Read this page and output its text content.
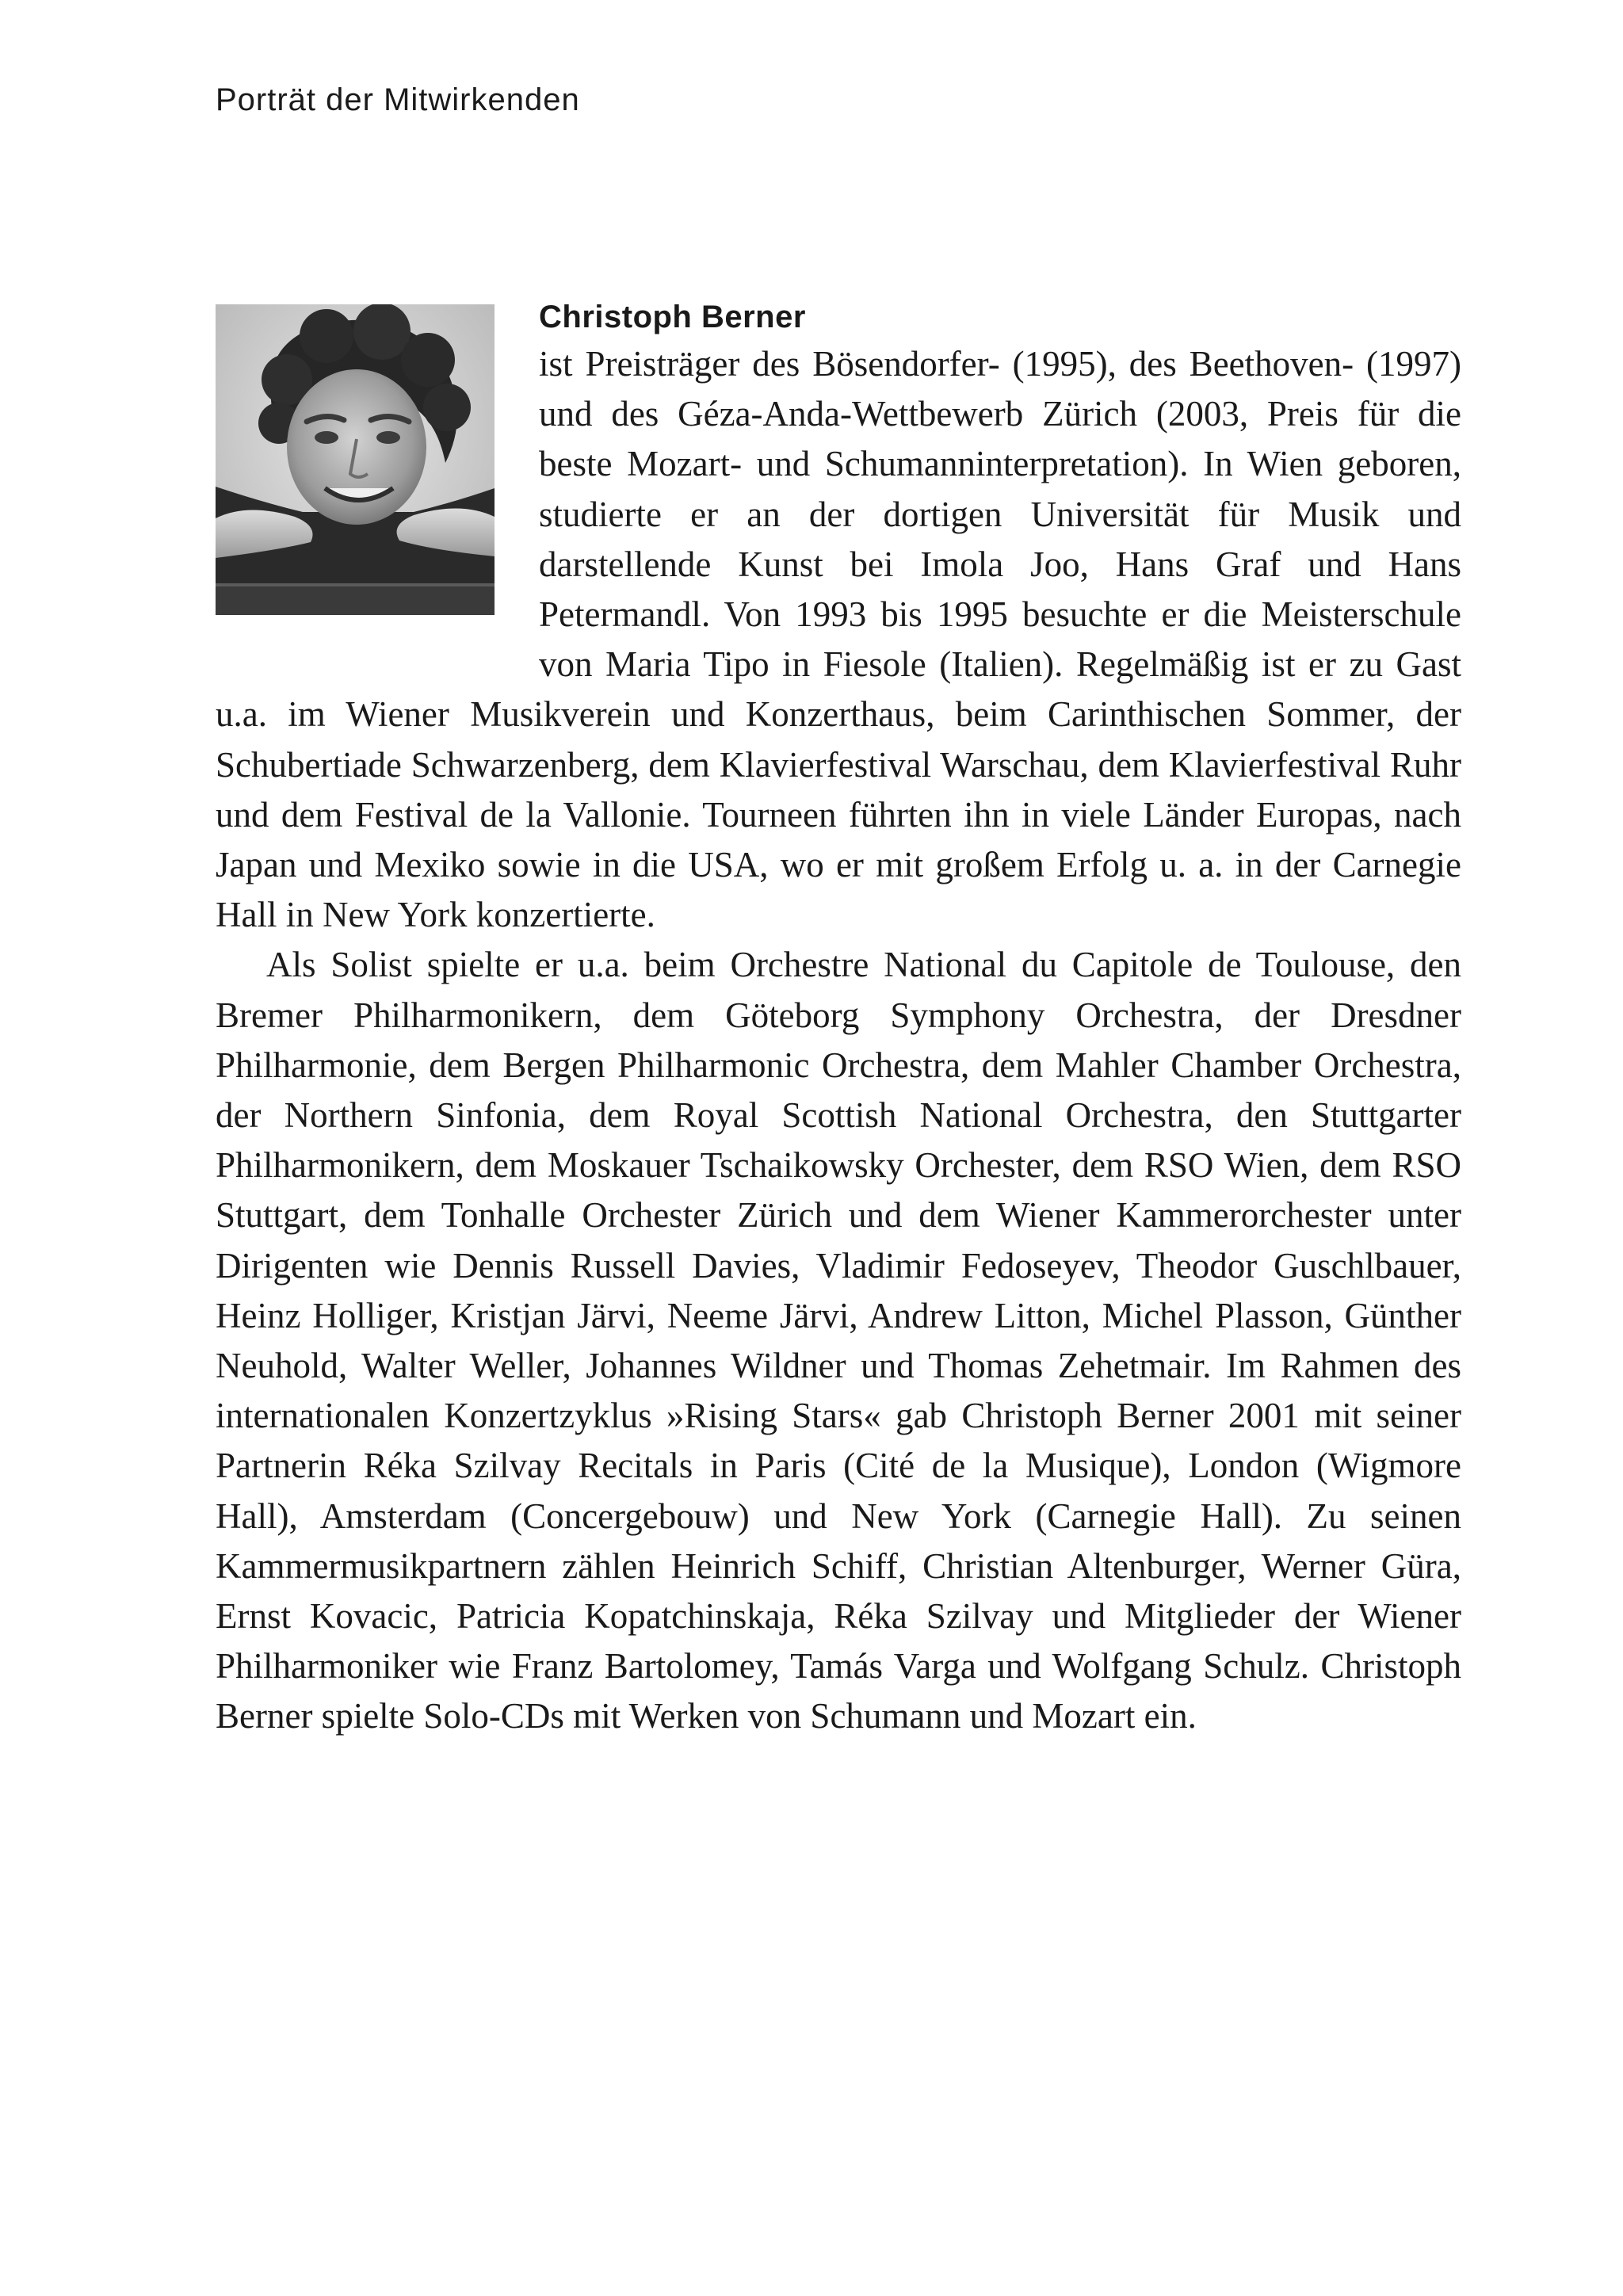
Porträt der Mitwirkenden

Christoph Berner

ist Preisträger des Bösendorfer- (1995), des Beethoven- (1997) und des Géza-Anda-Wettbewerb Zürich (2003, Preis für die beste Mozart- und Schumanninterpretation). In Wien geboren, studierte er an der dortigen Universität für Musik und darstellende Kunst bei Imola Joo, Hans Graf und Hans Petermandl. Von 1993 bis 1995 besuchte er die Meisterschule von Maria Tipo in Fiesole (Italien). Regelmäßig ist er zu Gast u.a. im Wiener Musikverein und Konzerthaus, beim Carinthischen Sommer, der Schubertiade Schwarzenberg, dem Klavierfestival Warschau, dem Klavierfestival Ruhr und dem Festival de la Vallonie. Tourneen führten ihn in viele Länder Europas, nach Japan und Mexiko sowie in die USA, wo er mit großem Erfolg u. a. in der Carnegie Hall in New York konzertierte.

Als Solist spielte er u.a. beim Orchestre National du Capitole de Toulouse, den Bremer Philharmonikern, dem Göteborg Symphony Orchestra, der Dresdner Philharmonie, dem Bergen Philharmonic Orchestra, dem Mahler Chamber Orchestra, der Northern Sinfonia, dem Royal Scottish National Orchestra, den Stuttgarter Philharmonikern, dem Moskauer Tschaikowsky Orchester, dem RSO Wien, dem RSO Stuttgart, dem Tonhalle Orchester Zürich und dem Wiener Kammerorchester unter Dirigenten wie Dennis Russell Davies, Vladimir Fedoseyev, Theodor Guschlbauer, Heinz Holliger, Kristjan Järvi, Neeme Järvi, Andrew Litton, Michel Plasson, Günther Neuhold, Walter Weller, Johannes Wildner und Thomas Zehetmair. Im Rahmen des internationalen Konzertzyklus »Rising Stars« gab Christoph Berner 2001 mit seiner Partnerin Réka Szilvay Recitals in Paris (Cité de la Musique), London (Wigmore Hall), Amsterdam (Concergebouw) und New York (Carnegie Hall). Zu seinen Kammermusikpartnern zählen Heinrich Schiff, Christian Altenburger, Werner Güra, Ernst Kovacic, Patricia Kopatchinskaja, Réka Szilvay und Mitglieder der Wiener Philharmoniker wie Franz Bartolomey, Tamás Varga und Wolfgang Schulz. Christoph Berner spielte Solo-CDs mit Werken von Schumann und Mozart ein.
